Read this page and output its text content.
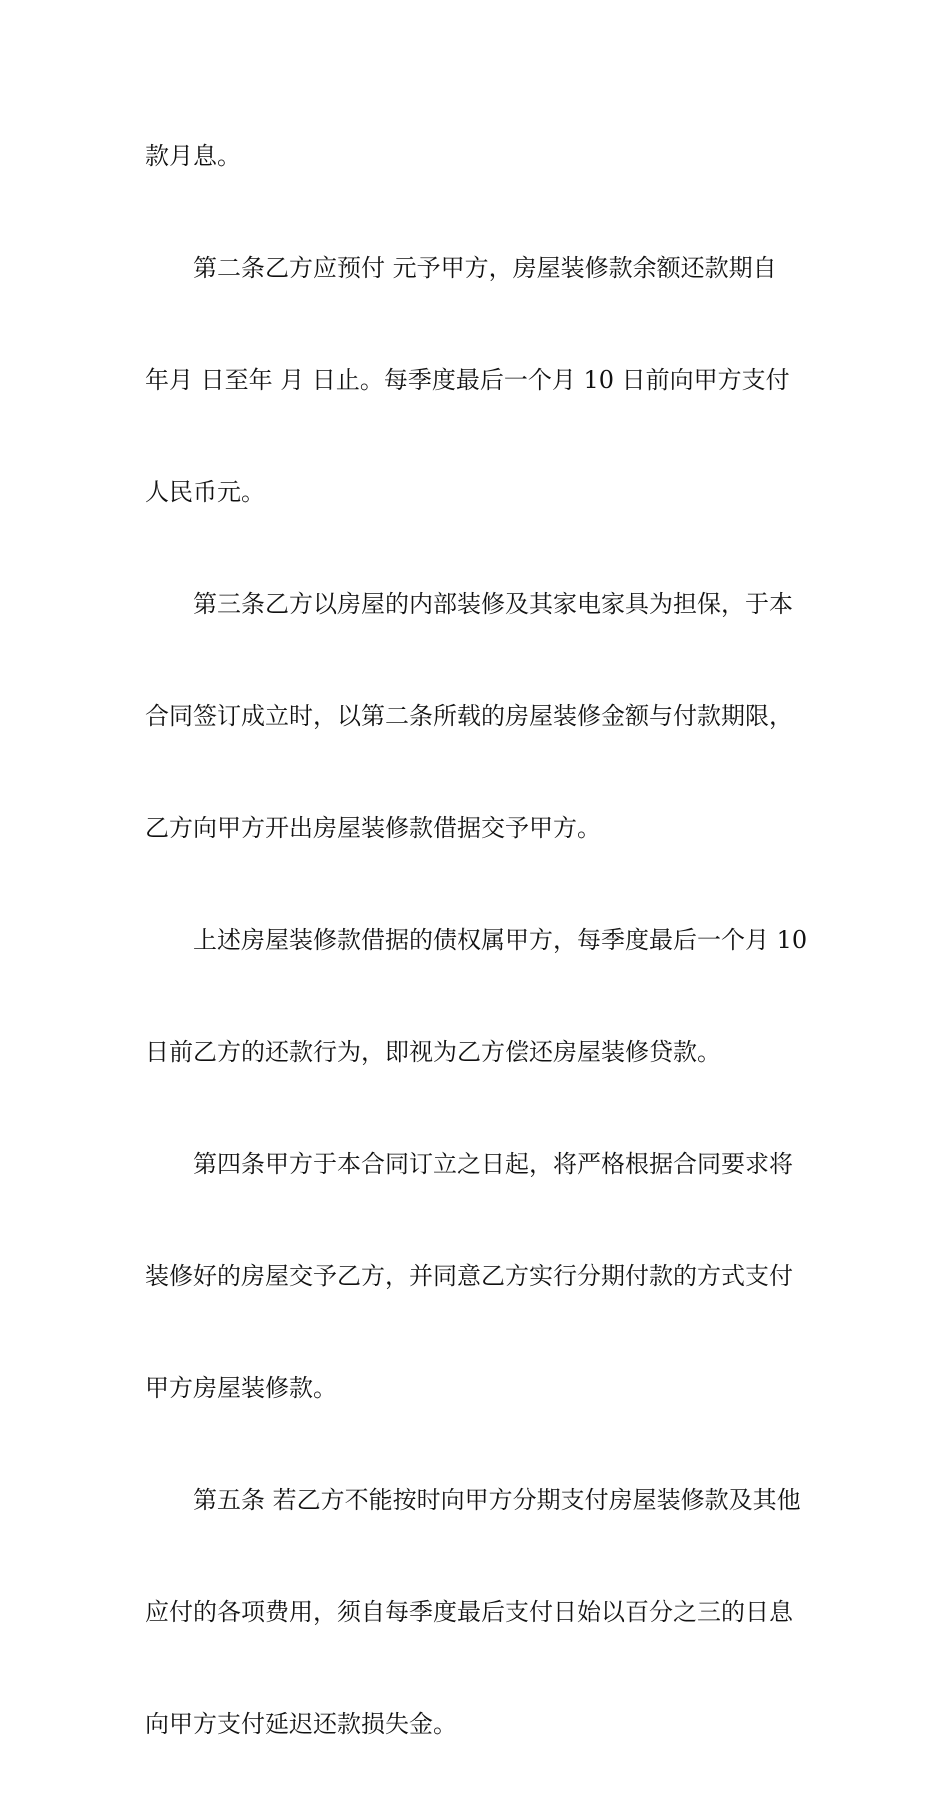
款月息。
第二条乙方应预付 元予甲方，房屋装修款余额还款期自
年月 日至年 月 日止。每季度最后一个月 10 日前向甲方支付
人民币元。
第三条乙方以房屋的内部装修及其家电家具为担保，于本
合同签订成立时，以第二条所载的房屋装修金额与付款期限，
乙方向甲方开出房屋装修款借据交予甲方。
上述房屋装修款借据的债权属甲方，每季度最后一个月 10
日前乙方的还款行为，即视为乙方偿还房屋装修贷款。
第四条甲方于本合同订立之日起，将严格根据合同要求将
装修好的房屋交予乙方，并同意乙方实行分期付款的方式支付
甲方房屋装修款。
第五条 若乙方不能按时向甲方分期支付房屋装修款及其他
应付的各项费用，须自每季度最后支付日始以百分之三的日息
向甲方支付延迟还款损失金。
